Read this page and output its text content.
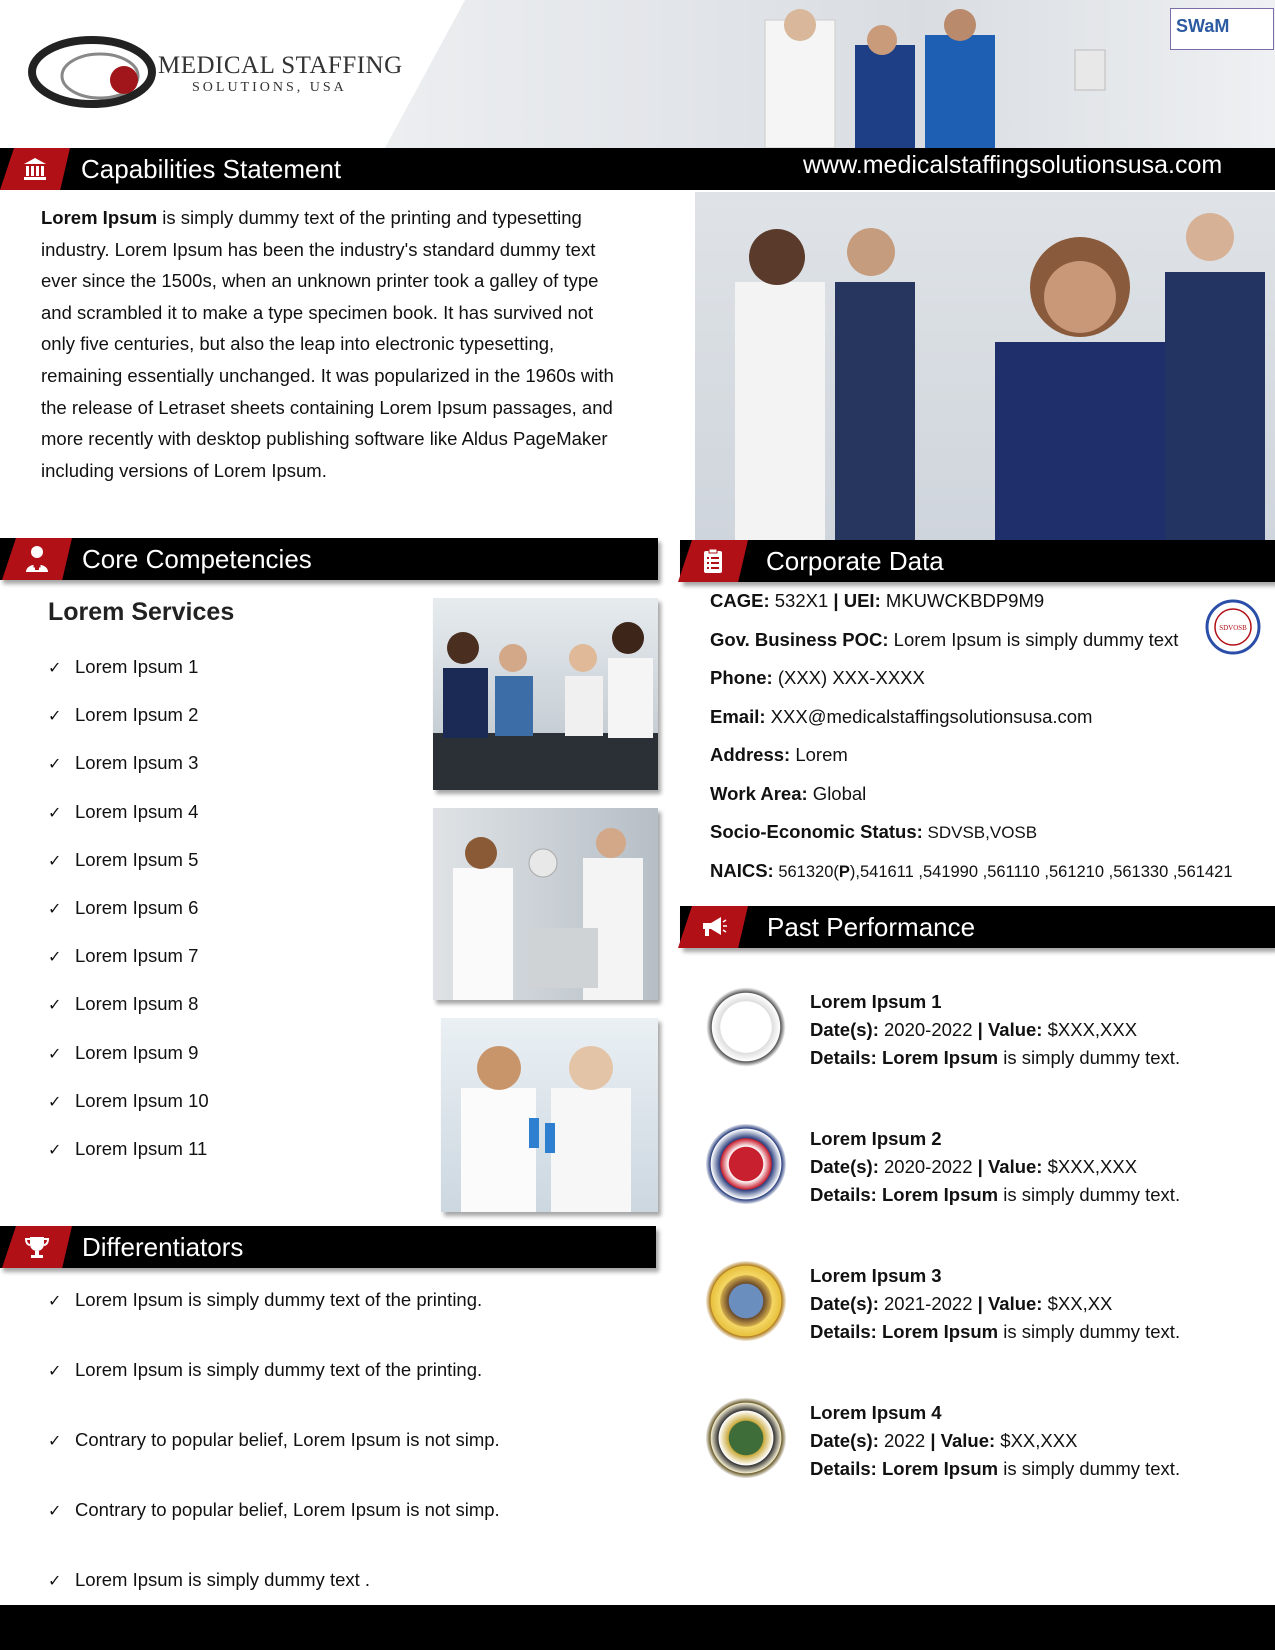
MEDICAL STAFFING
SOLUTIONS, USA
SWaM
Capabilities Statement	www.medicalstaffingsolutionsusa.com
Lorem Ipsum is simply dummy text of the printing and typesetting
industry. Lorem Ipsum has been the industry's standard dummy text
ever since the 1500s, when an unknown printer took a galley of type
and scrambled it to make a type specimen book. It has survived not
only five centuries, but also the leap into electronic typesetting,
remaining essentially unchanged. It was popularized in the 1960s with
the release of Letraset sheets containing Lorem Ipsum passages, and
more recently with desktop publishing software like Aldus PageMaker
including versions of Lorem Ipsum.
Core Competencies
Lorem Services
✓ Lorem Ipsum 1
✓ Lorem Ipsum 2
✓ Lorem Ipsum 3
✓ Lorem Ipsum 4
✓ Lorem Ipsum 5
✓ Lorem Ipsum 6
✓ Lorem Ipsum 7
✓ Lorem Ipsum 8
✓ Lorem Ipsum 9
✓ Lorem Ipsum 10
✓ Lorem Ipsum 11
Differentiators
✓ Lorem Ipsum is simply dummy text of the printing.
✓ Lorem Ipsum is simply dummy text of the printing.
✓ Contrary to popular belief, Lorem Ipsum is not simp.
✓ Contrary to popular belief, Lorem Ipsum is not simp.
✓ Lorem Ipsum is simply dummy text .
Corporate Data
CAGE: 532X1 | UEI: MKUWCKBDP9M9
Gov. Business POC: Lorem Ipsum is simply dummy text
Phone: (XXX) XXX-XXXX
Email: XXX@medicalstaffingsolutionsusa.com
Address: Lorem
Work Area: Global
Socio-Economic Status: SDVSB,VOSB
NAICS: 561320(P),541611 ,541990 ,561110 ,561210 ,561330 ,561421
SDVOSB
Past Performance
Lorem Ipsum 1
Date(s): 2020-2022 | Value: $XXX,XXX
Details: Lorem Ipsum is simply dummy text.
Lorem Ipsum 2
Date(s): 2020-2022 | Value: $XXX,XXX
Details: Lorem Ipsum is simply dummy text.
Lorem Ipsum 3
Date(s): 2021-2022 | Value: $XX,XX
Details: Lorem Ipsum is simply dummy text.
Lorem Ipsum 4
Date(s): 2022 | Value: $XX,XXX
Details: Lorem Ipsum is simply dummy text.
